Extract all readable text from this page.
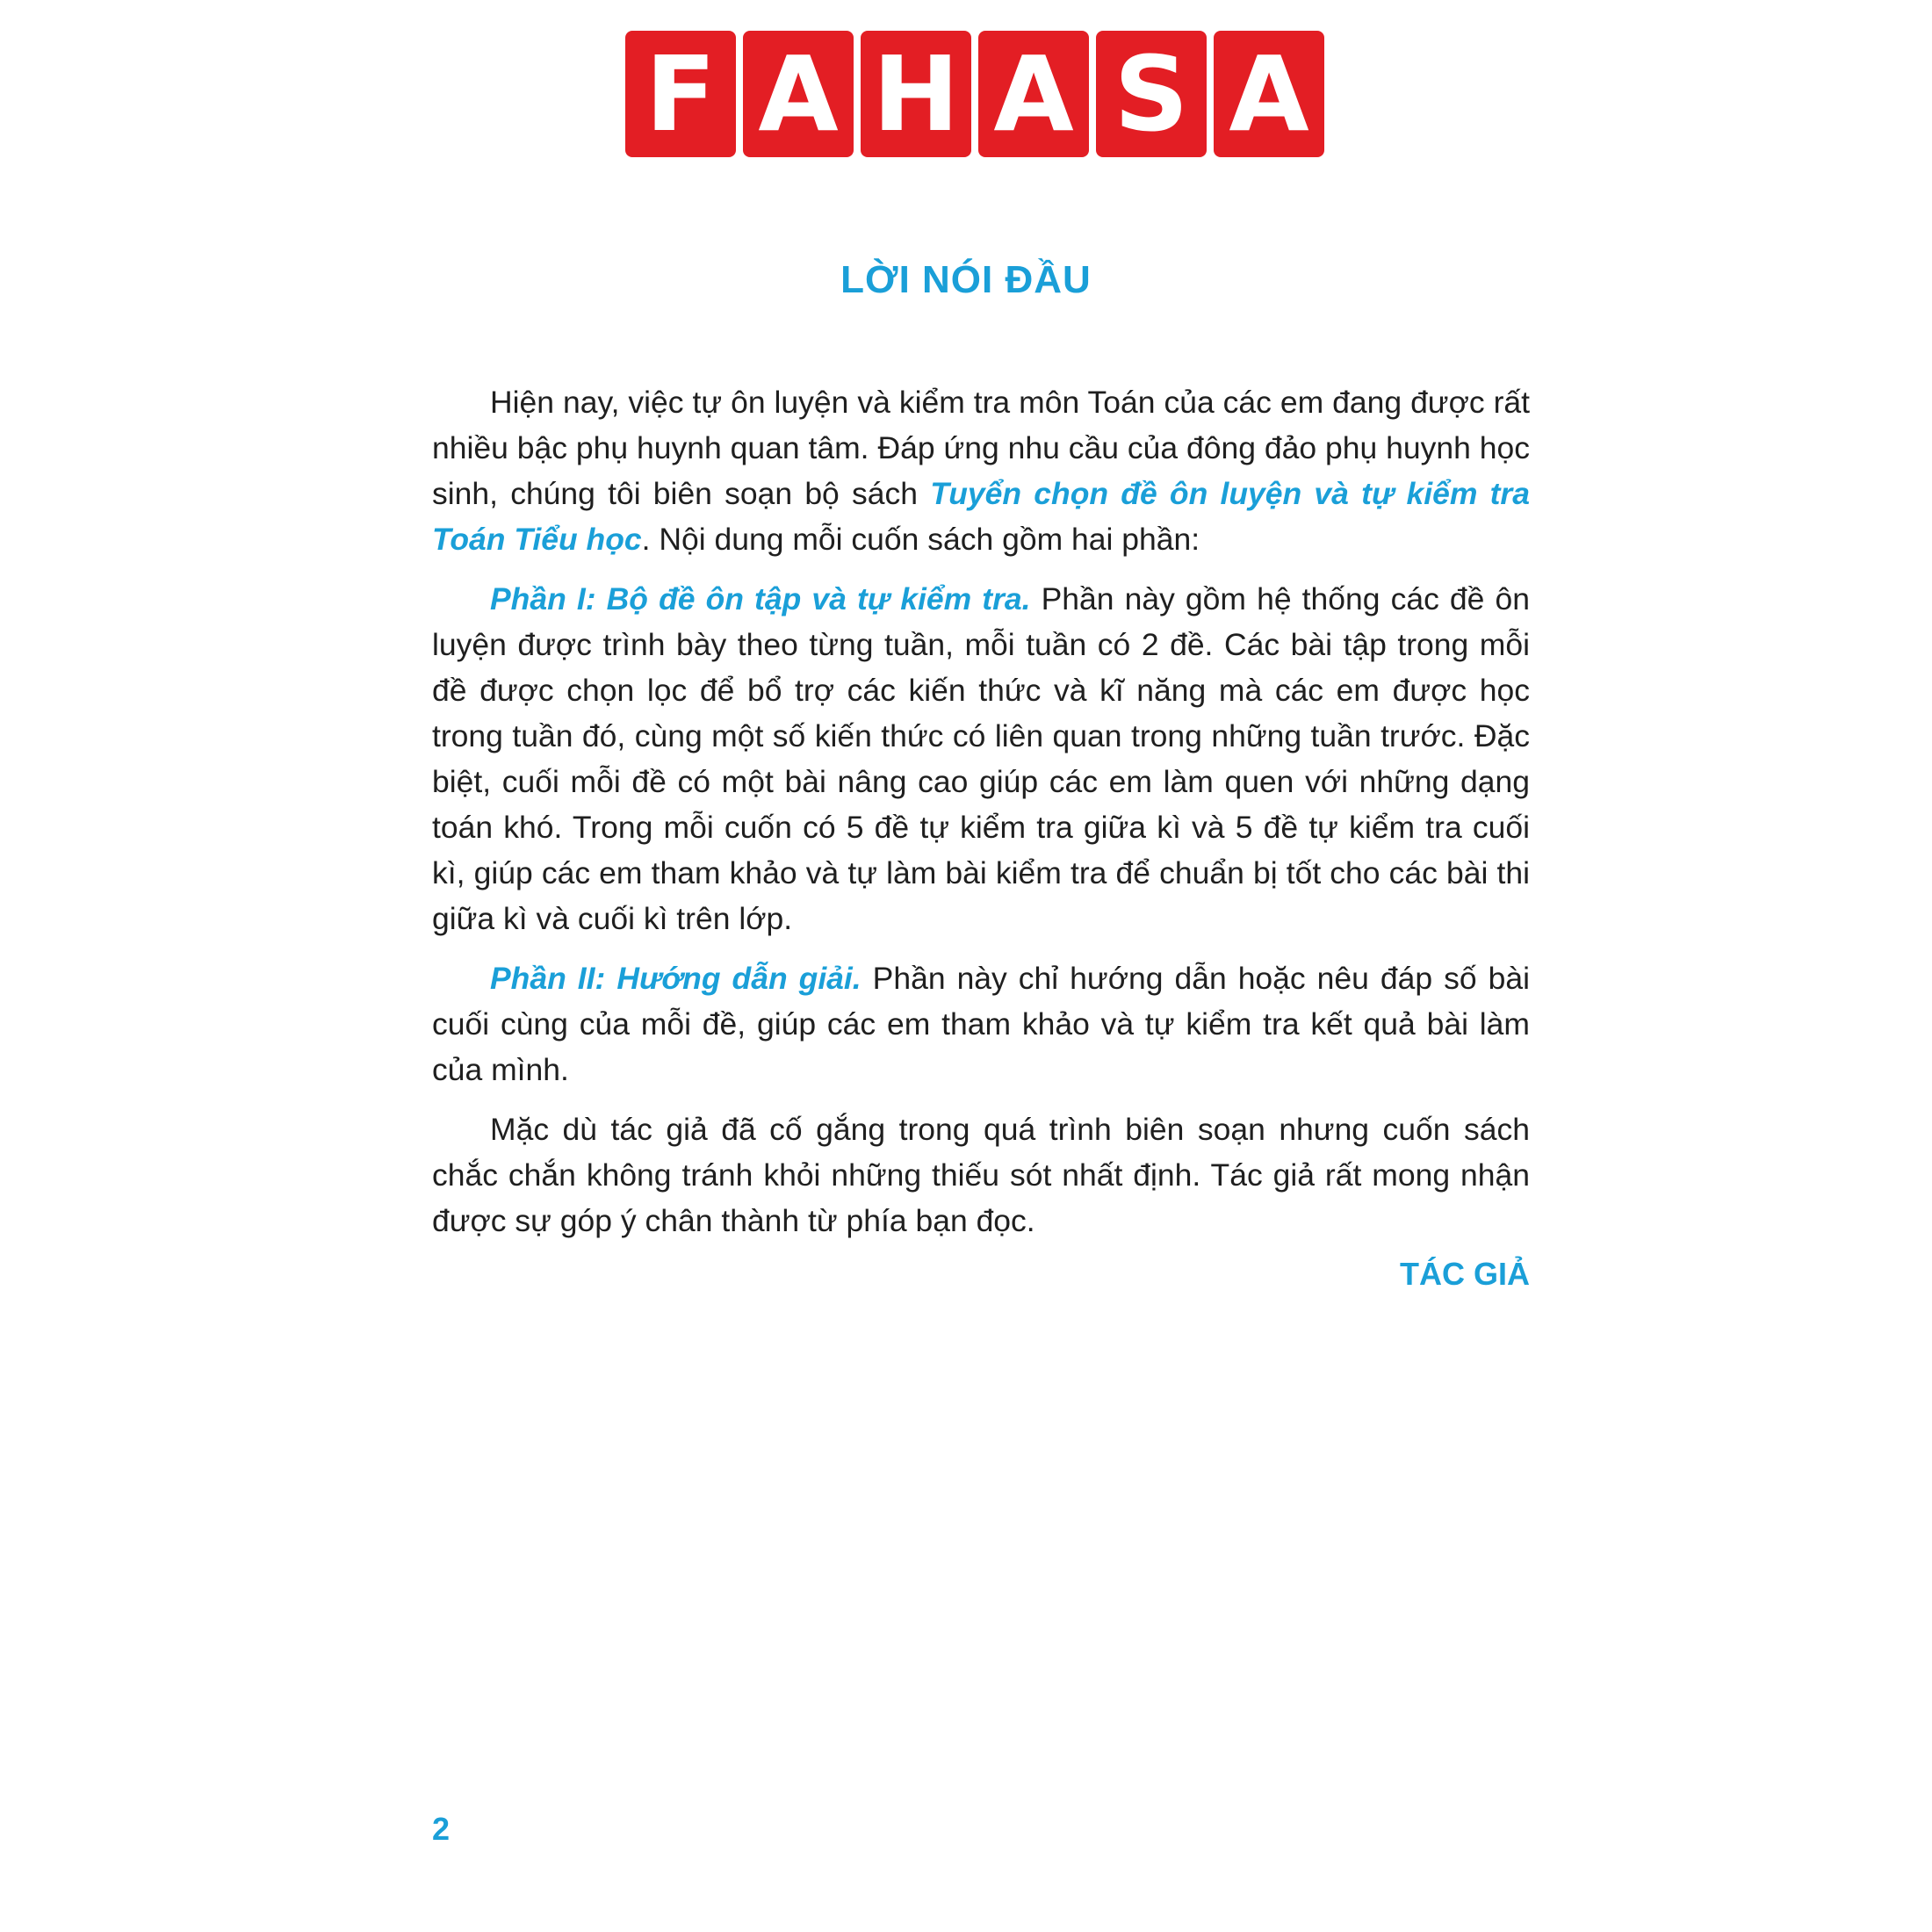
F A H A S A
LỜI NÓI ĐẦU

Hiện nay, việc tự ôn luyện và kiểm tra môn Toán của các em đang được rất nhiều bậc phụ huynh quan tâm. Đáp ứng nhu cầu của đông đảo phụ huynh học sinh, chúng tôi biên soạn bộ sách Tuyển chọn đề ôn luyện và tự kiểm tra Toán Tiểu học. Nội dung mỗi cuốn sách gồm hai phần:

Phần I: Bộ đề ôn tập và tự kiểm tra. Phần này gồm hệ thống các đề ôn luyện được trình bày theo từng tuần, mỗi tuần có 2 đề. Các bài tập trong mỗi đề được chọn lọc để bổ trợ các kiến thức và kĩ năng mà các em được học trong tuần đó, cùng một số kiến thức có liên quan trong những tuần trước. Đặc biệt, cuối mỗi đề có một bài nâng cao giúp các em làm quen với những dạng toán khó. Trong mỗi cuốn có 5 đề tự kiểm tra giữa kì và 5 đề tự kiểm tra cuối kì, giúp các em tham khảo và tự làm bài kiểm tra để chuẩn bị tốt cho các bài thi giữa kì và cuối kì trên lớp.

Phần II: Hướng dẫn giải. Phần này chỉ hướng dẫn hoặc nêu đáp số bài cuối cùng của mỗi đề, giúp các em tham khảo và tự kiểm tra kết quả bài làm của mình.

Mặc dù tác giả đã cố gắng trong quá trình biên soạn nhưng cuốn sách chắc chắn không tránh khỏi những thiếu sót nhất định. Tác giả rất mong nhận được sự góp ý chân thành từ phía bạn đọc.

TÁC GIẢ
2
